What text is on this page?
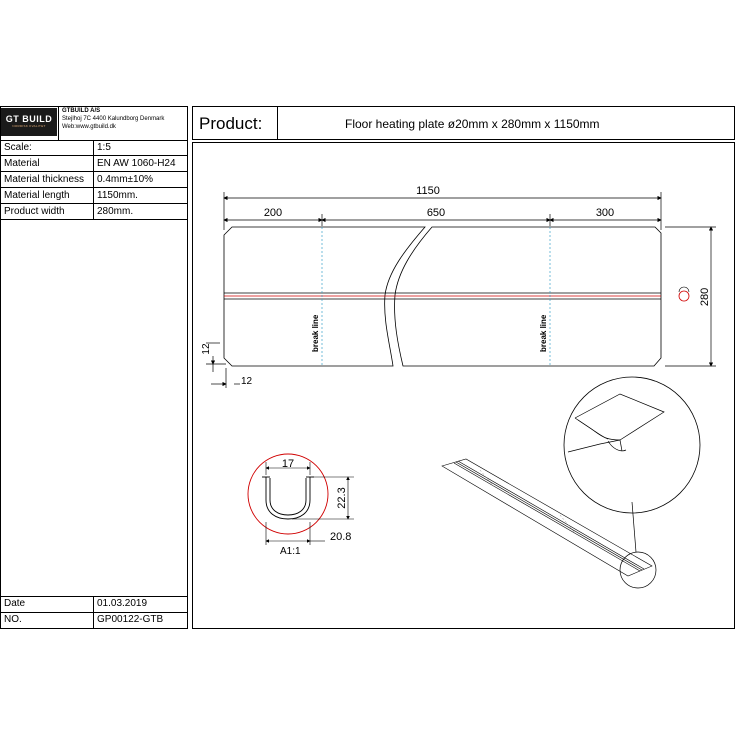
GT BUILD
NORDISK KVALITET
GTBUILD A/S
Stejlhoj 7C 4400 Kalundborg Denmark
Web:www.gtbuild.dk
Scale:	1:5
Material	EN AW 1060-H24
Material thickness 0.4mm±10%
Material length	1150mm.
Product width	280mm.
Date	01.03.2019
NO.	GP00122-GTB
Product:	Floor heating plate ø20mm x 280mm x 1150mm
break line	break line
1150
200	650	300
280
12
12
17
22.3
20.8
A1:1
